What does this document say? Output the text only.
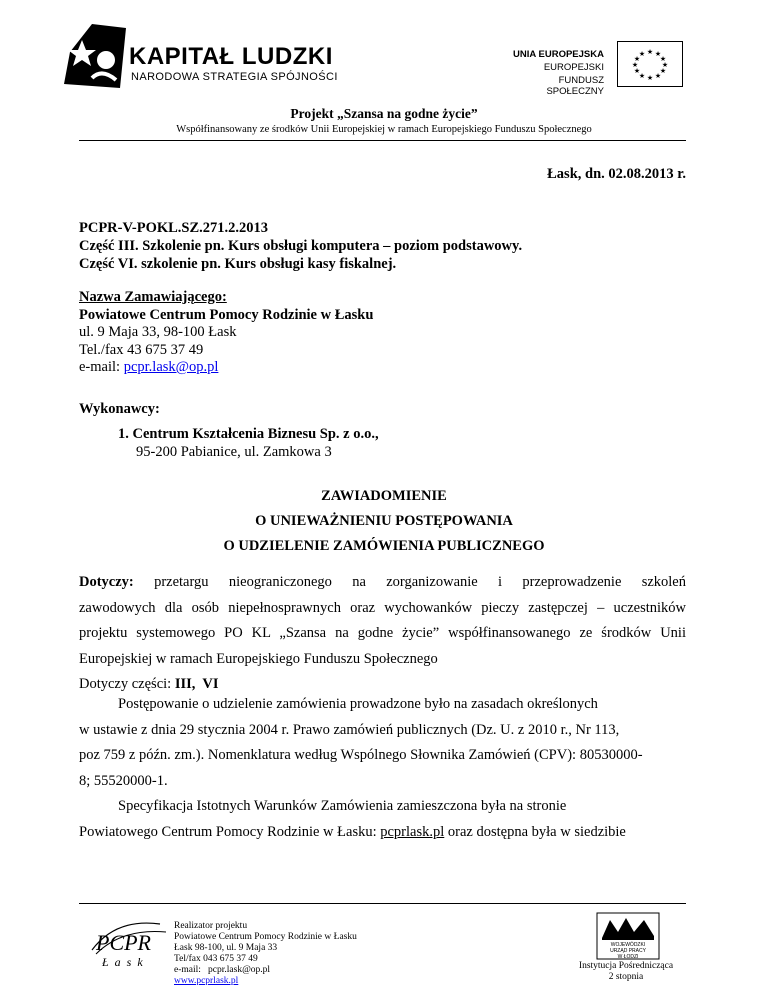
KAPITAŁ LUDZKI
NARODOWA STRATEGIA SPÓJNOŚCI
UNIA EUROPEJSKA
EUROPEJSKI
FUNDUSZ SPOŁECZNY
★ ★
★
★
★
★
★
★
★
★
★
★
Projekt „Szansa na godne życie”
Współfinansowany ze środków Unii Europejskiej w ramach Europejskiego Funduszu Społecznego
Łask, dn. 02.08.2013 r.
PCPR-V-POKL.SZ.271.2.2013
Część III. Szkolenie pn. Kurs obsługi komputera – poziom podstawowy.
Część VI. szkolenie pn. Kurs obsługi kasy fiskalnej.
Nazwa Zamawiającego:
Powiatowe Centrum Pomocy Rodzinie w Łasku
ul. 9 Maja 33, 98-100 Łask
Tel./fax 43 675 37 49
e-mail: pcpr.lask@op.pl
Wykonawcy:
1. Centrum Kształcenia Biznesu Sp. z o.o.,
95-200 Pabianice, ul. Zamkowa 3
ZAWIADOMIENIE
O UNIEWAŻNIENIU POSTĘPOWANIA
O UDZIELENIE ZAMÓWIENIA PUBLICZNEGO
Dotyczy: przetargu nieograniczonego na zorganizowanie i przeprowadzenie szkoleń
zawodowych dla osób niepełnosprawnych oraz wychowanków pieczy zastępczej – uczestników
projektu systemowego PO KL „Szansa na godne życie” współfinansowanego ze środków Unii
Europejskiej w ramach Europejskiego Funduszu Społecznego
Dotyczy części: III,  VI
Postępowanie o udzielenie zamówienia prowadzone było na zasadach określonych
w ustawie z dnia 29 stycznia 2004 r. Prawo zamówień publicznych (Dz. U. z 2010 r., Nr 113,
poz 759 z późn. zm.). Nomenklatura według Wspólnego Słownika Zamówień (CPV): 80530000-
8; 55520000-1.
Specyfikacja Istotnych Warunków Zamówienia zamieszczona była na stronie
Powiatowego Centrum Pomocy Rodzinie w Łasku: pcprlask.pl oraz dostępna była w siedzibie
PCPR
Łask
Realizator projektu
Powiatowe Centrum Pomocy Rodzinie w Łasku
Łask 98-100, ul. 9 Maja 33
Tel/fax 043 675 37 49
e-mail:   pcpr.lask@op.pl
www.pcprlask.pl
WOJEWÓDZKI
URZĄD PRACY
W ŁODZI
Instytucja Pośrednicząca
2 stopnia
